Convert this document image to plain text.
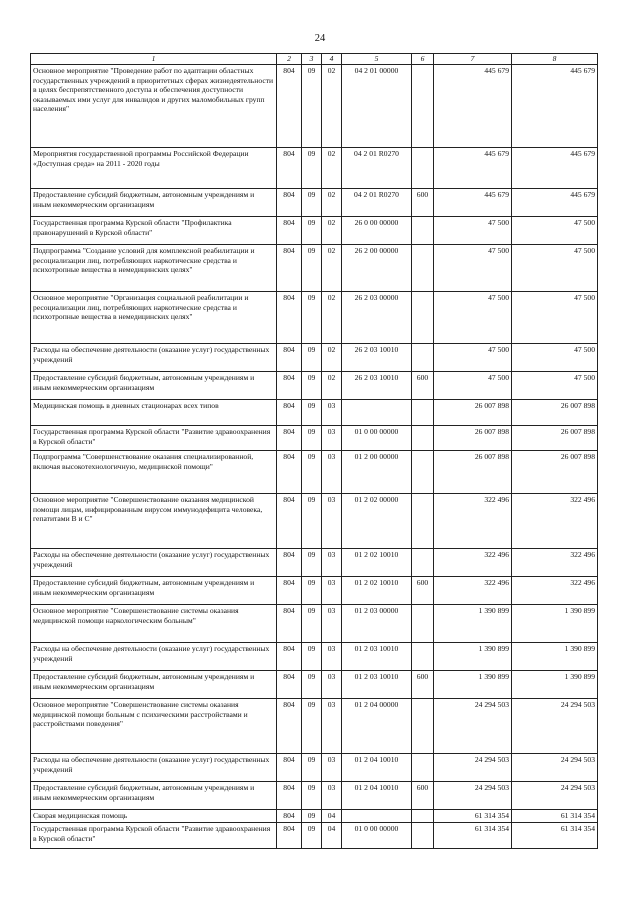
24
1	2	3	4	5	6	7	8
Основное мероприятие "Проведение работ по адаптации областных государственных учреждений в приоритетных сферах жизнедеятельности в целях беспрепятственного доступа и обеспечения доступности оказываемых ими услуг для инвалидов и других маломобильных групп населения"	804	09	02	04 2 01 00000		445 679	445 679
Мероприятия государственной программы Российской Федерации «Доступная среда» на 2011 - 2020 годы	804	09	02	04 2 01 R0270		445 679	445 679
Предоставление субсидий бюджетным, автономным учреждениям и иным некоммерческим организациям	804	09	02	04 2 01 R0270	600	445 679	445 679
Государственная программа Курской области "Профилактика правонарушений в Курской области"	804	09	02	26 0 00 00000		47 500	47 500
Подпрограмма "Создание условий для комплексной реабилитации и ресоциализации лиц, потребляющих наркотические средства и психотропные вещества в немедицинских целях"	804	09	02	26 2 00 00000		47 500	47 500
Основное мероприятие "Организация социальной реабилитации и ресоциализации лиц, потребляющих наркотические средства и психотропные вещества в немедицинских целях"	804	09	02	26 2 03 00000		47 500	47 500
Расходы на обеспечение деятельности (оказание услуг) государственных учреждений	804	09	02	26 2 03 10010		47 500	47 500
Предоставление субсидий бюджетным, автономным учреждениям и иным некоммерческим организациям	804	09	02	26 2 03 10010	600	47 500	47 500
Медицинская помощь в дневных стационарах всех типов	804	09	03			26 007 898	26 007 898
Государственная программа Курской области "Развитие здравоохранения в Курской области"	804	09	03	01 0 00 00000		26 007 898	26 007 898
Подпрограмма "Совершенствование оказания специализированной, включая высокотехнологичную, медицинской помощи"	804	09	03	01 2 00 00000		26 007 898	26 007 898
Основное мероприятие "Совершенствование оказания медицинской помощи лицам, инфицированным вирусом иммунодефицита человека, гепатитами В и С"	804	09	03	01 2 02 00000		322 496	322 496
Расходы на обеспечение деятельности (оказание услуг) государственных учреждений	804	09	03	01 2 02 10010		322 496	322 496
Предоставление субсидий бюджетным, автономным учреждениям и иным некоммерческим организациям	804	09	03	01 2 02 10010	600	322 496	322 496
Основное мероприятие "Совершенствование системы оказания медицинской помощи наркологическим больным"	804	09	03	01 2 03 00000		1 390 899	1 390 899
Расходы на обеспечение деятельности (оказание услуг) государственных учреждений	804	09	03	01 2 03 10010		1 390 899	1 390 899
Предоставление субсидий бюджетным, автономным учреждениям и иным некоммерческим организациям	804	09	03	01 2 03 10010	600	1 390 899	1 390 899
Основное мероприятие "Совершенствование системы оказания медицинской помощи больным с психическими расстройствами и расстройствами поведения"	804	09	03	01 2 04 00000		24 294 503	24 294 503
Расходы на обеспечение деятельности (оказание услуг) государственных учреждений	804	09	03	01 2 04 10010		24 294 503	24 294 503
Предоставление субсидий бюджетным, автономным учреждениям и иным некоммерческим организациям	804	09	03	01 2 04 10010	600	24 294 503	24 294 503
Скорая медицинская помощь	804	09	04			61 314 354	61 314 354
Государственная программа Курской области "Развитие здравоохранения в Курской области"	804	09	04	01 0 00 00000		61 314 354	61 314 354
